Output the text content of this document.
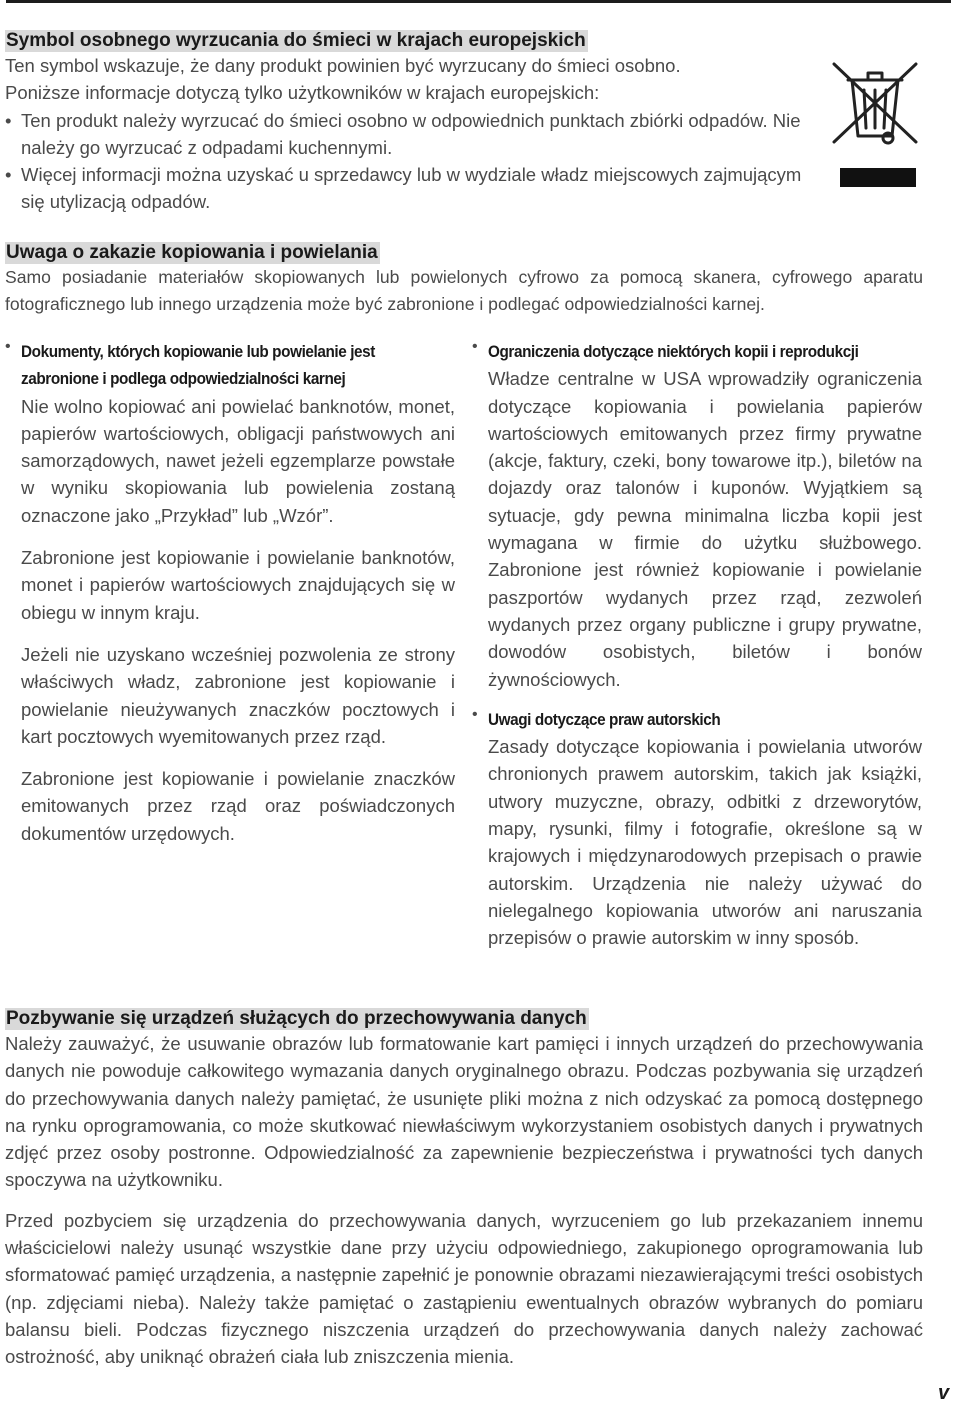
Symbol osobnego wyrzucania do śmieci w krajach europejskich

Ten symbol wskazuje, że dany produkt powinien być wyrzucany do śmieci osobno.

Poniższe informacje dotyczą tylko użytkowników w krajach europejskich:

• Ten produkt należy wyrzucać do śmieci osobno w odpowiednich punktach zbiórki odpadów. Nie należy go wyrzucać z odpadami kuchennymi.

• Więcej informacji można uzyskać u sprzedawcy lub w wydziale władz miejscowych zajmującym się utylizacją odpadów.

Uwaga o zakazie kopiowania i powielania

Samo posiadanie materiałów skopiowanych lub powielonych cyfrowo za pomocą skanera, cyfrowego aparatu fotograficznego lub innego urządzenia może być zabronione i podlegać odpowiedzialności karnej.

• Dokumenty, których kopiowanie lub powielanie jest
zabronione i podlega odpowiedzialności karnej

Nie wolno kopiować ani powielać banknotów, monet, papierów wartościowych, obligacji państwowych ani samorządowych, nawet jeżeli egzemplarze powstałe w wyniku skopiowania lub powielenia zostaną oznaczone jako „Przykład” lub „Wzór”.

Zabronione jest kopiowanie i powielanie banknotów, monet i papierów wartościowych znajdujących się w obiegu w innym kraju.

Jeżeli nie uzyskano wcześniej pozwolenia ze strony właściwych władz, zabronione jest kopiowanie i powielanie nieużywanych znaczków pocztowych i kart pocztowych wyemitowanych przez rząd.

Zabronione jest kopiowanie i powielanie znaczków emitowanych przez rząd oraz poświadczonych dokumentów urzędowych.

• Ograniczenia dotyczące niektórych kopii i reprodukcji

Władze centralne w USA wprowadziły ograniczenia dotyczące kopiowania i powielania papierów wartościowych emitowanych przez firmy prywatne (akcje, faktury, czeki, bony towarowe itp.), biletów na dojazdy oraz talonów i kuponów. Wyjątkiem są sytuacje, gdy pewna minimalna liczba kopii jest wymagana w firmie do użytku służbowego. Zabronione jest również kopiowanie i powielanie paszportów wydanych przez rząd, zezwoleń wydanych przez organy publiczne i grupy prywatne, dowodów osobistych, biletów i bonów żywnościowych.

• Uwagi dotyczące praw autorskich

Zasady dotyczące kopiowania i powielania utworów chronionych prawem autorskim, takich jak książki, utwory muzyczne, obrazy, odbitki z drzeworytów, mapy, rysunki, filmy i fotografie, określone są w krajowych i międzynarodowych przepisach o prawie autorskim. Urządzenia nie należy używać do nielegalnego kopiowania utworów ani naruszania przepisów o prawie autorskim w inny sposób.

Pozbywanie się urządzeń służących do przechowywania danych

Należy zauważyć, że usuwanie obrazów lub formatowanie kart pamięci i innych urządzeń do przechowywania danych nie powoduje całkowitego wymazania danych oryginalnego obrazu. Podczas pozbywania się urządzeń do przechowywania danych należy pamiętać, że usunięte pliki można z nich odzyskać za pomocą dostępnego na rynku oprogramowania, co może skutkować niewłaściwym wykorzystaniem osobistych danych i prywatnych zdjęć przez osoby postronne. Odpowiedzialność za zapewnienie bezpieczeństwa i prywatności tych danych spoczywa na użytkowniku.

Przed pozbyciem się urządzenia do przechowywania danych, wyrzuceniem go lub przekazaniem innemu właścicielowi należy usunąć wszystkie dane przy użyciu odpowiedniego, zakupionego oprogramowania lub sformatować pamięć urządzenia, a następnie zapełnić je ponownie obrazami niezawierającymi treści osobistych (np. zdjęciami nieba). Należy także pamiętać o zastąpieniu ewentualnych obrazów wybranych do pomiaru balansu bieli. Podczas fizycznego niszczenia urządzeń do przechowywania danych należy zachować ostrożność, aby uniknąć obrażeń ciała lub zniszczenia mienia.

v
